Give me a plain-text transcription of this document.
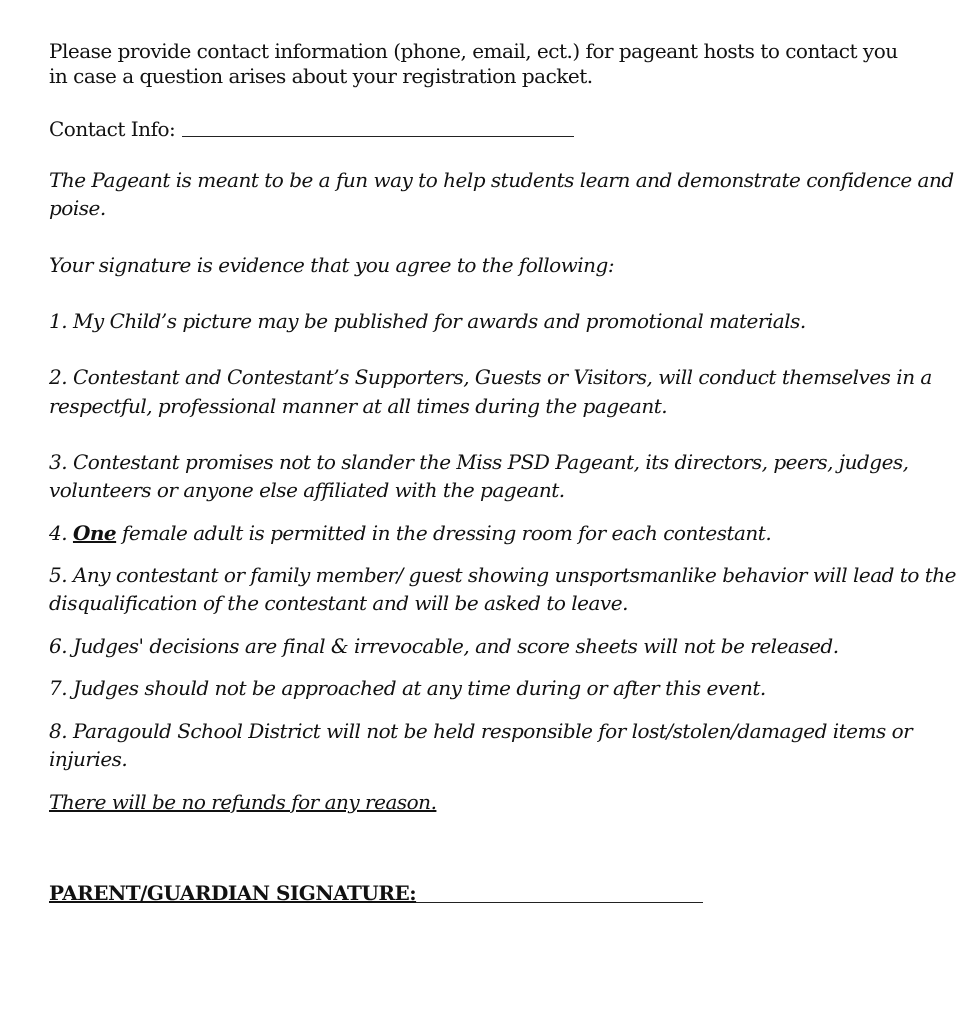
Please provide contact information (phone, email, ect.) for pageant hosts to contact you

in case a question arises about your registration packet.

Contact Info:

The Pageant is meant to be a fun way to help students learn and demonstrate confidence and

poise.

Your signature is evidence that you agree to the following:

1. My Child’s picture may be published for awards and promotional materials.

2. Contestant and Contestant’s Supporters, Guests or Visitors, will conduct themselves in a

respectful, professional manner at all times during the pageant.

3. Contestant promises not to slander the Miss PSD Pageant, its directors, peers, judges,

volunteers or anyone else affiliated with the pageant.

4. One female adult is permitted in the dressing room for each contestant.

5. Any contestant or family member/ guest showing unsportsmanlike behavior will lead to the

disqualification of the contestant and will be asked to leave.

6. Judges' decisions are final & irrevocable, and score sheets will not be released.

7. Judges should not be approached at any time during or after this event.

8. Paragould School District will not be held responsible for lost/stolen/damaged items or

injuries.

There will be no refunds for any reason.

PARENT/GUARDIAN SIGNATURE:
